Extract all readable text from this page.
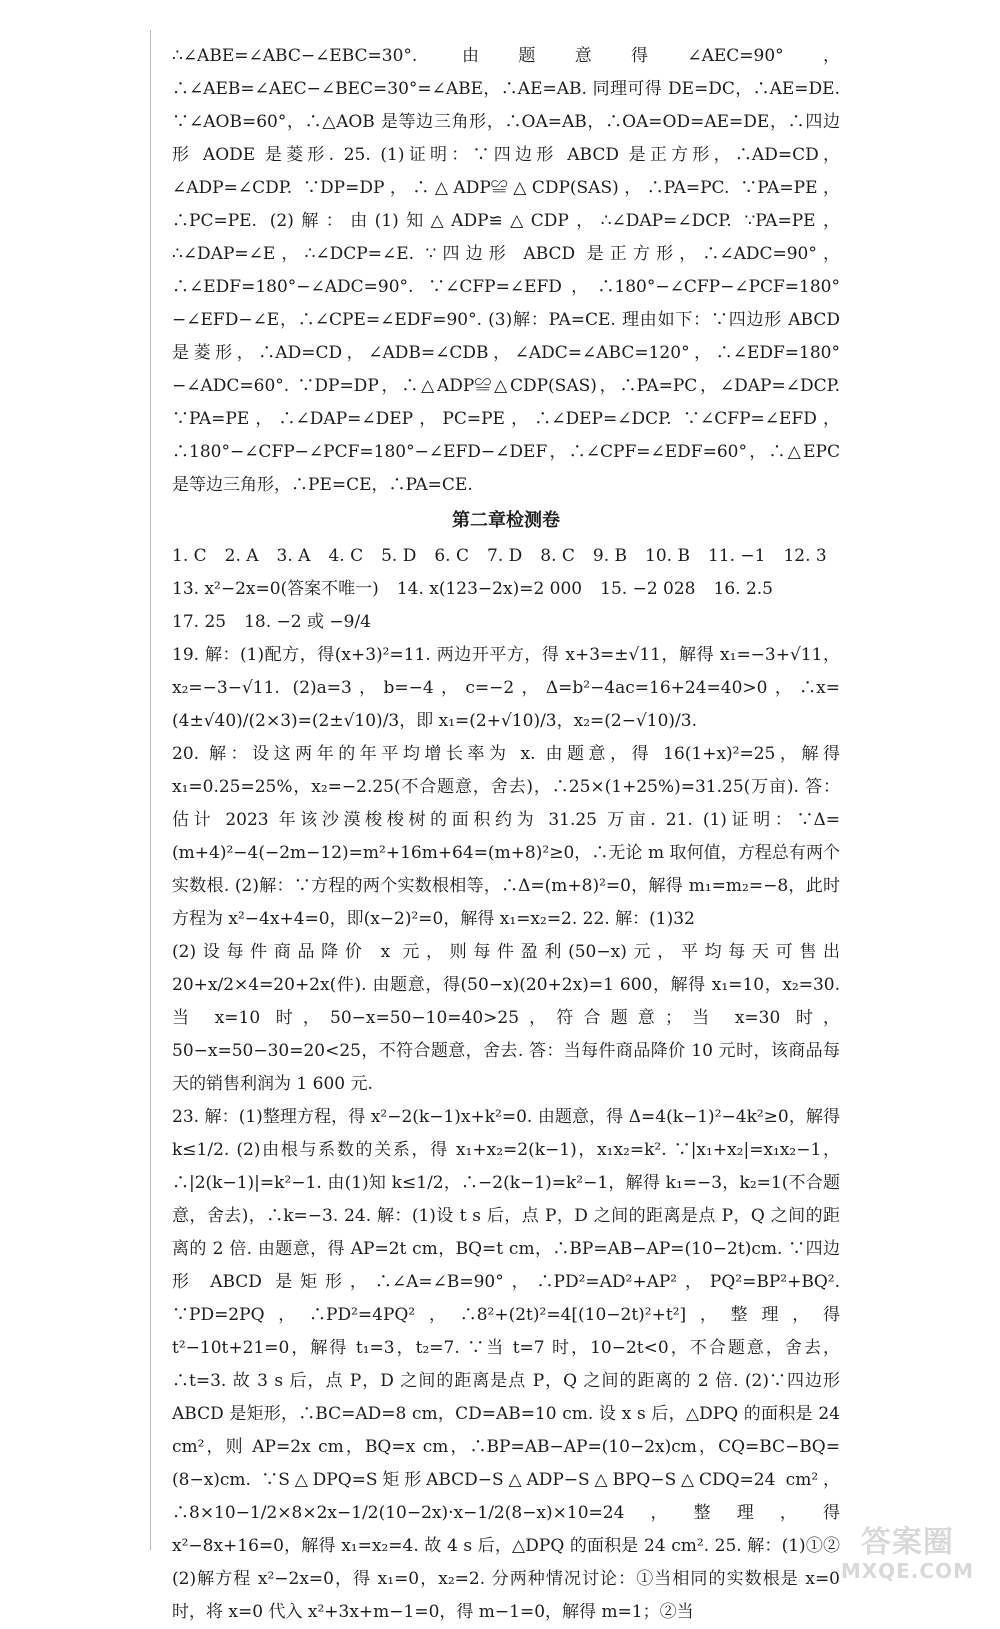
∴∠ABE=∠ABC−∠EBC=30°. 由题意得∠AEC=90°，∴∠AEB=∠AEC−∠BEC=30°=∠ABE，∴AE=AB. 同理可得 DE=DC，∴AE=DE. ∵∠AOB=60°，∴△AOB 是等边三角形，∴OA=AB，∴OA=OD=AE=DE，∴四边形 AODE 是菱形. 25. (1)证明：∵四边形 ABCD 是正方形，∴AD=CD，∠ADP=∠CDP. ∵DP=DP，∴△ADP≌△CDP(SAS)，∴PA=PC. ∵PA=PE，∴PC=PE. (2)解：由(1)知△ADP≌△CDP，∴∠DAP=∠DCP. ∵PA=PE，∴∠DAP=∠E，∴∠DCP=∠E. ∵四边形 ABCD 是正方形，∴∠ADC=90°，∴∠EDF=180°−∠ADC=90°. ∵∠CFP=∠EFD，∴180°−∠CFP−∠PCF=180°−∠EFD−∠E，∴∠CPE=∠EDF=90°. (3)解：PA=CE. 理由如下：∵四边形 ABCD 是菱形，∴AD=CD，∠ADB=∠CDB，∠ADC=∠ABC=120°，∴∠EDF=180°−∠ADC=60°. ∵DP=DP，∴△ADP≌△CDP(SAS)，∴PA=PC，∠DAP=∠DCP. ∵PA=PE，∴∠DAP=∠DEP，PC=PE，∴∠DEP=∠DCP. ∵∠CFP=∠EFD，∴180°−∠CFP−∠PCF=180°−∠EFD−∠DEF，∴∠CPF=∠EDF=60°，∴△EPC 是等边三角形，∴PE=CE，∴PA=CE.

第二章检测卷
1. C 2. A 3. A 4. C 5. D 6. C 7. D 8. C 9. B 10. B 11. −1 12. 3
13. x²−2x=0(答案不唯一) 14. x(123−2x)=2 000 15. −2 028 16. 2.5
17. 25 18. −2 或 −9/4

19. 解：(1)配方，得(x+3)²=11. 两边开平方，得 x+3=±√11，解得 x₁=−3+√11，x₂=−3−√11. (2)a=3，b=−4，c=−2，Δ=b²−4ac=16+24=40>0，∴x=(4±√40)/(2×3)=(2±√10)/3，即 x₁=(2+√10)/3，x₂=(2−√10)/3.

20. 解：设这两年的年平均增长率为 x. 由题意，得 16(1+x)²=25，解得 x₁=0.25=25%，x₂=−2.25(不合题意，舍去)，∴25×(1+25%)=31.25(万亩). 答：估计 2023 年该沙漠梭梭树的面积约为 31.25 万亩. 21. (1)证明：∵Δ=(m+4)²−4(−2m−12)=m²+16m+64=(m+8)²≥0，∴无论 m 取何值，方程总有两个实数根. (2)解：∵方程的两个实数根相等，∴Δ=(m+8)²=0，解得 m₁=m₂=−8，此时方程为 x²−4x+4=0，即(x−2)²=0，解得 x₁=x₂=2. 22. 解：(1)32

(2)设每件商品降价 x 元，则每件盈利(50−x)元，平均每天可售出 20+x/2×4=20+2x(件). 由题意，得(50−x)(20+2x)=1 600，解得 x₁=10，x₂=30. 当 x=10 时，50−x=50−10=40>25，符合题意；当 x=30 时，50−x=50−30=20<25，不符合题意，舍去. 答：当每件商品降价 10 元时，该商品每天的销售利润为 1 600 元.

23. 解：(1)整理方程，得 x²−2(k−1)x+k²=0. 由题意，得 Δ=4(k−1)²−4k²≥0，解得 k≤1/2. (2)由根与系数的关系，得 x₁+x₂=2(k−1)，x₁x₂=k². ∵|x₁+x₂|=x₁x₂−1，∴|2(k−1)|=k²−1. 由(1)知 k≤1/2，∴−2(k−1)=k²−1，解得 k₁=−3，k₂=1(不合题意，舍去)，∴k=−3. 24. 解：(1)设 t s 后，点 P，D 之间的距离是点 P，Q 之间的距离的 2 倍. 由题意，得 AP=2t cm，BQ=t cm，∴BP=AB−AP=(10−2t)cm. ∵四边形 ABCD 是矩形，∴∠A=∠B=90°，∴PD²=AD²+AP²，PQ²=BP²+BQ². ∵PD=2PQ，∴PD²=4PQ²，∴8²+(2t)²=4[(10−2t)²+t²]，整理，得 t²−10t+21=0，解得 t₁=3，t₂=7. ∵当 t=7 时，10−2t<0，不合题意，舍去，∴t=3. 故 3 s 后，点 P，D 之间的距离是点 P，Q 之间的距离的 2 倍. (2)∵四边形 ABCD 是矩形，∴BC=AD=8 cm，CD=AB=10 cm. 设 x s 后，△DPQ 的面积是 24 cm²，则 AP=2x cm，BQ=x cm，∴BP=AB−AP=(10−2x)cm，CQ=BC−BQ=(8−x)cm. ∵S△DPQ=S矩形ABCD−S△ADP−S△BPQ−S△CDQ=24 cm²，∴8×10−1/2×8×2x−1/2(10−2x)·x−1/2(8−x)×10=24，整理，得 x²−8x+16=0，解得 x₁=x₂=4. 故 4 s 后，△DPQ 的面积是 24 cm². 25. 解：(1)①② (2)解方程 x²−2x=0，得 x₁=0，x₂=2. 分两种情况讨论：①当相同的实数根是 x=0 时，将 x=0 代入 x²+3x+m−1=0，得 m−1=0，解得 m=1；②当

答案圈
MXQE.COM
